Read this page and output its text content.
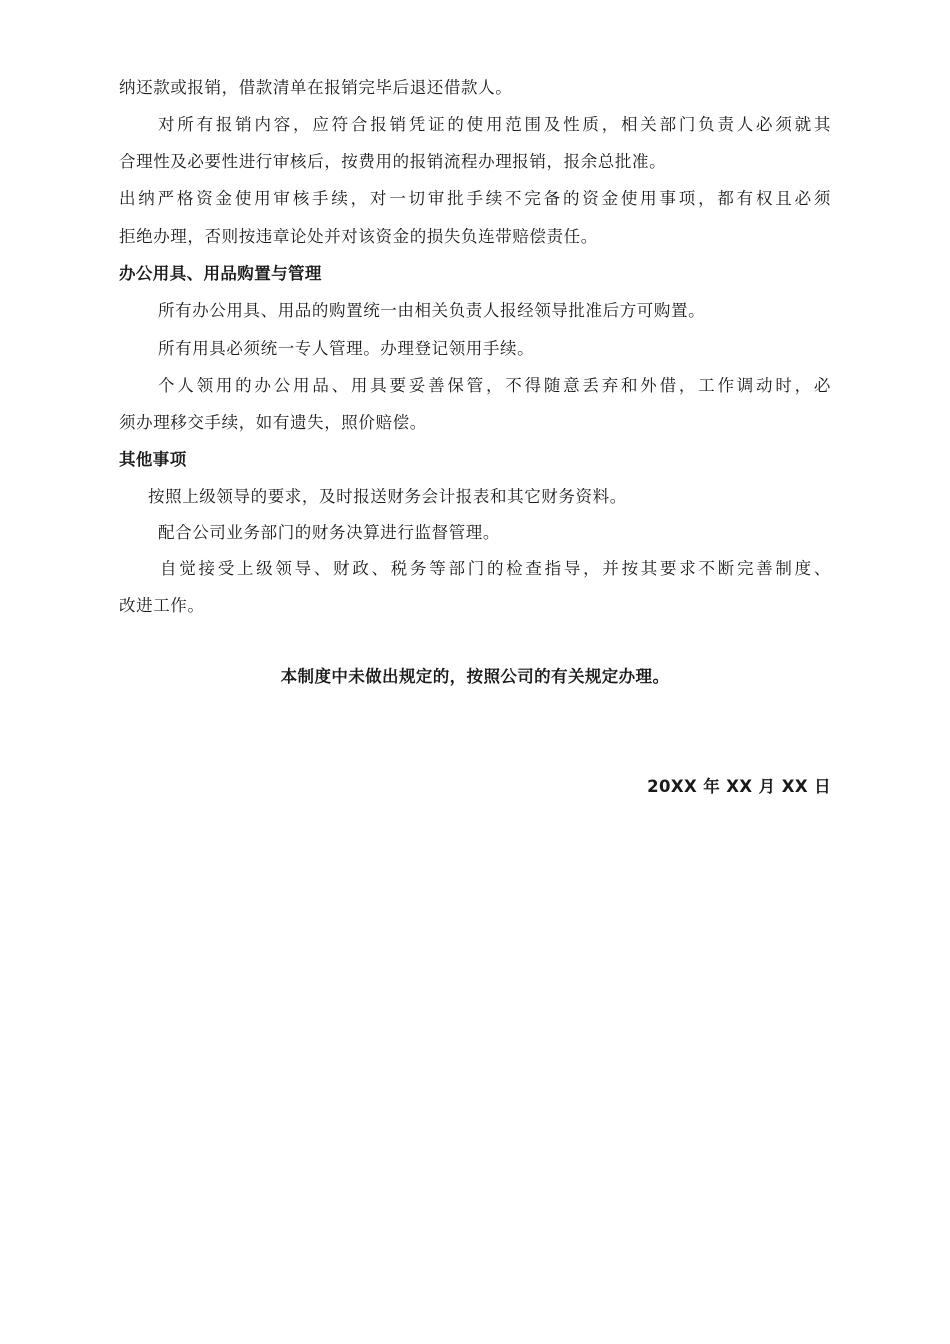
纳还款或报销，借款清单在报销完毕后退还借款人。
对所有报销内容，应符合报销凭证的使用范围及性质，相关部门负责人必须就其
合理性及必要性进行审核后，按费用的报销流程办理报销，报余总批准。
出纳严格资金使用审核手续，对一切审批手续不完备的资金使用事项，都有权且必须
拒绝办理，否则按违章论处并对该资金的损失负连带赔偿责任。
办公用具、用品购置与管理
所有办公用具、用品的购置统一由相关负责人报经领导批准后方可购置。
所有用具必须统一专人管理。办理登记领用手续。
个人领用的办公用品、用具要妥善保管，不得随意丢弃和外借，工作调动时，必
须办理移交手续，如有遗失，照价赔偿。
其他事项
按照上级领导的要求，及时报送财务会计报表和其它财务资料。
配合公司业务部门的财务决算进行监督管理。
自觉接受上级领导、财政、税务等部门的检查指导，并按其要求不断完善制度、
改进工作。
本制度中未做出规定的，按照公司的有关规定办理。
20XX 年 XX 月 XX 日
